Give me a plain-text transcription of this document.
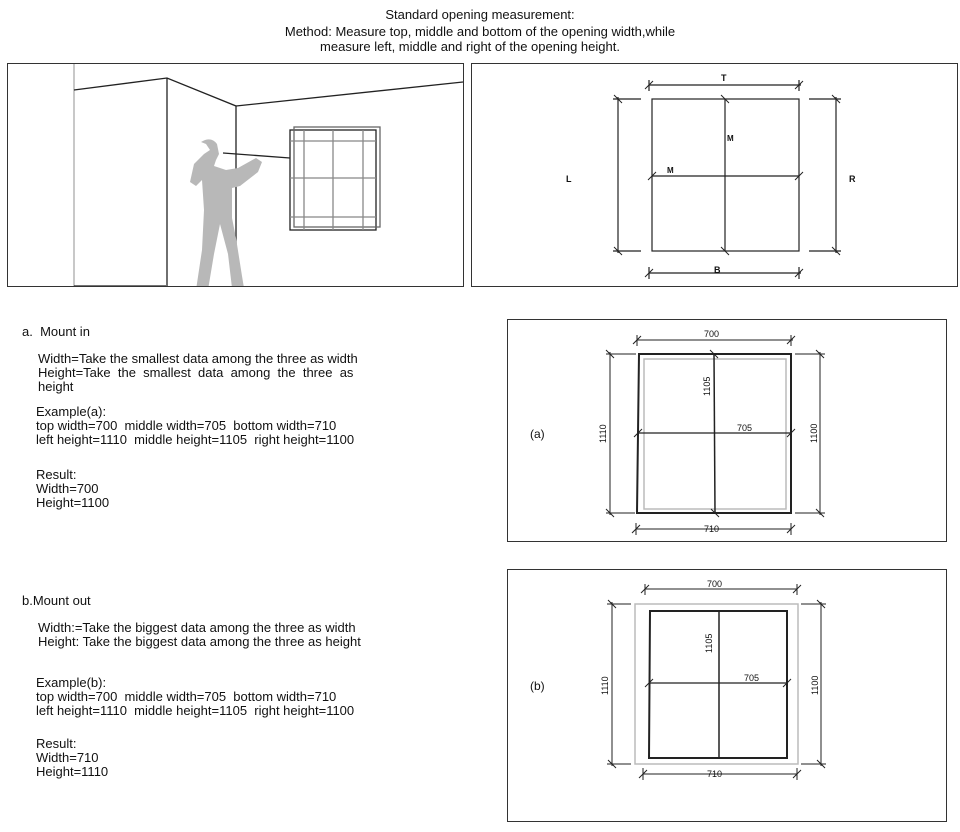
Standard opening measurement:
Method: Measure top, middle and bottom of the opening width,while
measure left, middle and right of the opening height.
T
B
L	R
M
M
a.  Mount in
Width=Take the smallest data among the three as width
Height=Take  the  smallest  data  among  the  three  as
height
Example(a):
top width=700  middle width=705  bottom width=710
left height=1110  middle height=1105  right height=1100
Result:
Width=700
Height=1100
b.Mount out
Width:=Take the biggest data among the three as width
Height: Take the biggest data among the three as height
Example(b):
top width=700  middle width=705  bottom width=710
left height=1110  middle height=1105  right height=1100
Result:
Width=710
Height=1110
700
710
705
1110	1100
1105
(a)
700
710
705
1110	1100
1105
(b)
